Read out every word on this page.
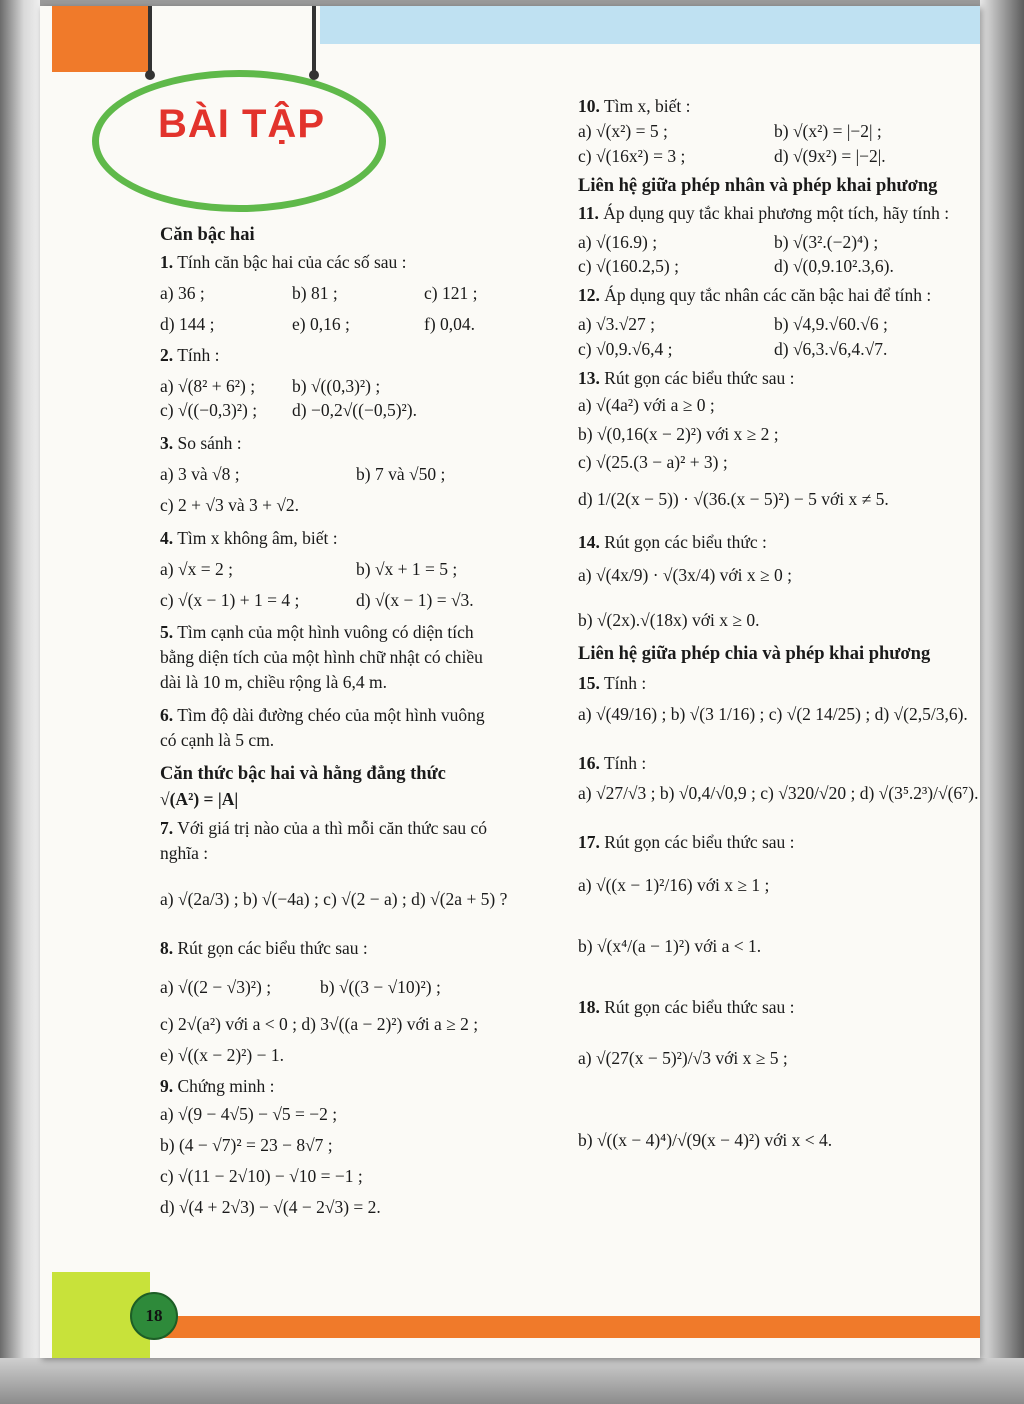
BÀI TẬP
18
Căn bậc hai
1. Tính căn bậc hai của các số sau :
a) 36 ;	b) 81 ;	c) 121 ;
d) 144 ;	e) 0,16 ;	f) 0,04.
2. Tính :
a) √(8² + 6²) ;	b) √((0,3)²) ;
c) √((−0,3)²) ;	d) −0,2√((−0,5)²).
3. So sánh :
a) 3 và √8 ;	b) 7 và √50 ;
c) 2 + √3 và 3 + √2.
4. Tìm x không âm, biết :
a) √x = 2 ;	b) √x + 1 = 5 ;
c) √(x − 1) + 1 = 4 ;	d) √(x − 1) = √3.
5. Tìm cạnh của một hình vuông có diện tích bằng diện tích của một hình chữ nhật có chiều dài là 10 m, chiều rộng là 6,4 m.
6. Tìm độ dài đường chéo của một hình vuông có cạnh là 5 cm.
Căn thức bậc hai và hằng đẳng thức
√(A²) = |A|
7. Với giá trị nào của a thì mỗi căn thức sau có nghĩa :
a) √(2a/3) ; b) √(−4a) ; c) √(2 − a) ; d) √(2a + 5) ?
8. Rút gọn các biểu thức sau :
a) √((2 − √3)²) ;	b) √((3 − √10)²) ;
c) 2√(a²) với a < 0 ; d) 3√((a − 2)²) với a ≥ 2 ;
e) √((x − 2)²) − 1.
9. Chứng minh :
a) √(9 − 4√5) − √5 = −2 ;
b) (4 − √7)² = 23 − 8√7 ;
c) √(11 − 2√10) − √10 = −1 ;
d) √(4 + 2√3) − √(4 − 2√3) = 2.
10. Tìm x, biết :
a) √(x²) = 5 ;	b) √(x²) = |−2| ;
c) √(16x²) = 3 ;	d) √(9x²) = |−2|.
Liên hệ giữa phép nhân và phép khai phương
11. Áp dụng quy tắc khai phương một tích, hãy tính :
a) √(16.9) ;	b) √(3².(−2)⁴) ;
c) √(160.2,5) ;	d) √(0,9.10².3,6).
12. Áp dụng quy tắc nhân các căn bậc hai để tính :
a) √3.√27 ;	b) √4,9.√60.√6 ;
c) √0,9.√6,4 ;	d) √6,3.√6,4.√7.
13. Rút gọn các biểu thức sau :
a) √(4a²) với a ≥ 0 ;
b) √(0,16(x − 2)²) với x ≥ 2 ;
c) √(25.(3 − a)² + 3) ;
d) 1/(2(x − 5)) · √(36.(x − 5)²) − 5 với x ≠ 5.
14. Rút gọn các biểu thức :
a) √(4x/9) · √(3x/4) với x ≥ 0 ;
b) √(2x).√(18x) với x ≥ 0.
Liên hệ giữa phép chia và phép khai phương
15. Tính :
a) √(49/16) ; b) √(3 1/16) ; c) √(2 14/25) ; d) √(2,5/3,6).
16. Tính :
a) √27/√3 ; b) √0,4/√0,9 ; c) √320/√20 ; d) √(3⁵.2³)/√(6⁷).
17. Rút gọn các biểu thức sau :
a) √((x − 1)²/16) với x ≥ 1 ;
b) √(x⁴/(a − 1)²) với a < 1.
18. Rút gọn các biểu thức sau :
a) √(27(x − 5)²)/√3 với x ≥ 5 ;
b) √((x − 4)⁴)/√(9(x − 4)²) với x < 4.
